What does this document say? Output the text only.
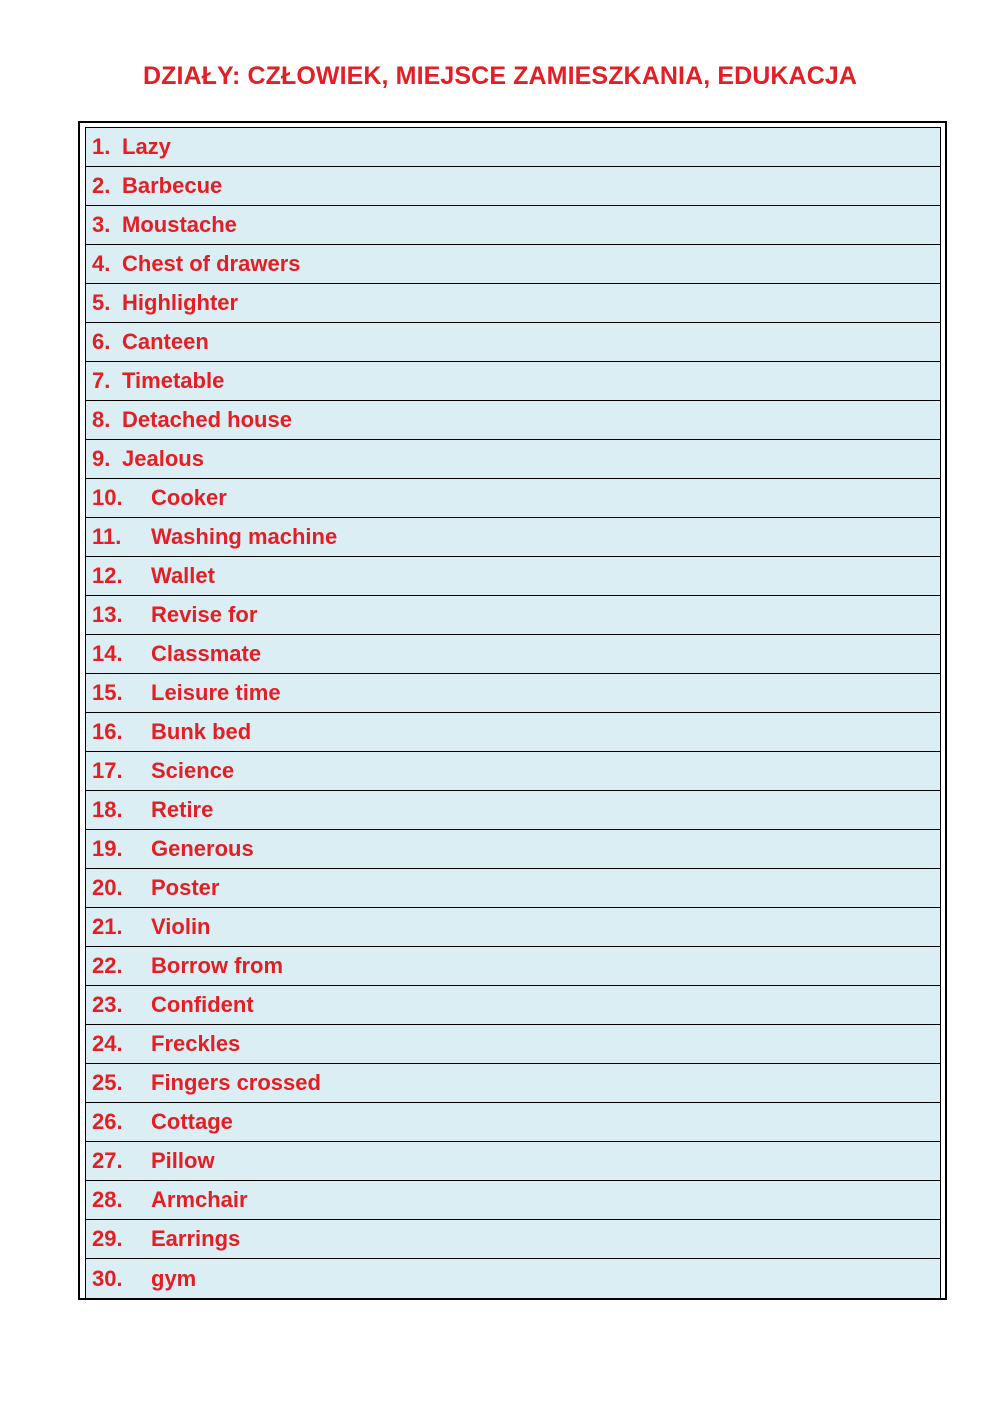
DZIAŁY: CZŁOWIEK, MIEJSCE ZAMIESZKANIA, EDUKACJA
1. Lazy
2. Barbecue
3. Moustache
4. Chest of drawers
5. Highlighter
6. Canteen
7. Timetable
8. Detached house
9. Jealous
10.	Cooker
11.	Washing machine
12.	Wallet
13.	Revise for
14.	Classmate
15.	Leisure time
16.	Bunk bed
17.	Science
18.	Retire
19.	Generous
20.	Poster
21.	Violin
22.	Borrow from
23.	Confident
24.	Freckles
25.	Fingers crossed
26.	Cottage
27.	Pillow
28.	Armchair
29.	Earrings
30.	gym
